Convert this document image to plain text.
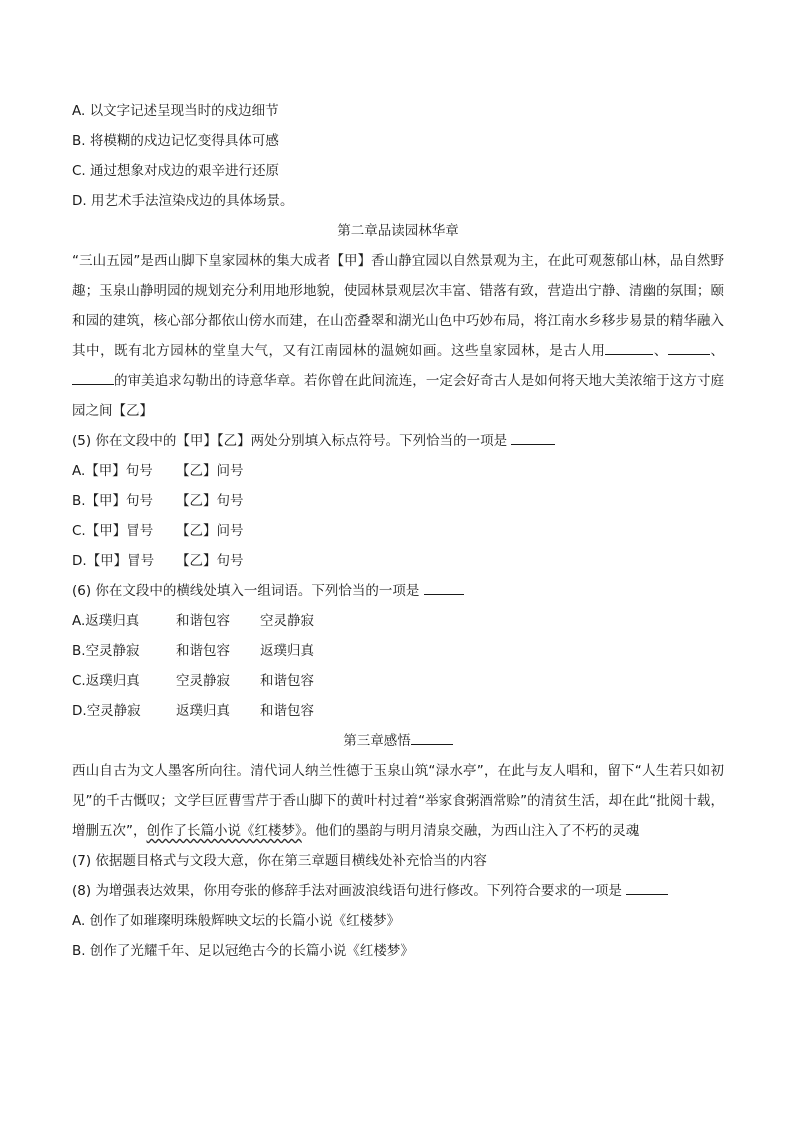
A. 以文字记述呈现当时的戍边细节
B. 将模糊的戍边记忆变得具体可感
C. 通过想象对戍边的艰辛进行还原
D. 用艺术手法渲染戍边的具体场景。
第二章品读园林华章
“三山五园”是西山脚下皇家园林的集大成者【甲】香山静宜园以自然景观为主，在此可观葱郁山林，品自然野趣；玉泉山静明园的规划充分利用地形地貌，使园林景观层次丰富、错落有致，营造出宁静、清幽的氛围；颐和园的建筑，核心部分都依山傍水而建，在山峦叠翠和湖光山色中巧妙布局，将江南水乡移步易景的精华融入其中，既有北方园林的堂皇大气，又有江南园林的温婉如画。这些皇家园林，是古人用	、	、的审美追求勾勒出的诗意华章。若你曾在此间流连，一定会好奇古人是如何将天地大美浓缩于这方寸庭园之间【乙】
(5) 你在文段中的【甲】【乙】两处分别填入标点符号。下列恰当的一项是
A.【甲】句号	【乙】问号
B.【甲】句号	【乙】句号
C.【甲】冒号	【乙】问号
D.【甲】冒号	【乙】句号
(6) 你在文段中的横线处填入一组词语。下列恰当的一项是
A.返璞归真	和谐包容	空灵静寂
B.空灵静寂	和谐包容	返璞归真
C.返璞归真	空灵静寂	和谐包容
D.空灵静寂	返璞归真	和谐包容
第三章感悟
西山自古为文人墨客所向往。清代词人纳兰性德于玉泉山筑“渌水亭”，在此与友人唱和，留下“人生若只如初见”的千古慨叹；文学巨匠曹雪芹于香山脚下的黄叶村过着“举家食粥酒常赊”的清贫生活，却在此“批阅十载，增删五次”，创作了长篇小说《红楼梦》。他们的墨韵与明月清泉交融，为西山注入了不朽的灵魂
(7) 依据题目格式与文段大意，你在第三章题目横线处补充恰当的内容
(8) 为增强表达效果，你用夸张的修辞手法对画波浪线语句进行修改。下列符合要求的一项是
A. 创作了如璀璨明珠般辉映文坛的长篇小说《红楼梦》
B. 创作了光耀千年、足以冠绝古今的长篇小说《红楼梦》
